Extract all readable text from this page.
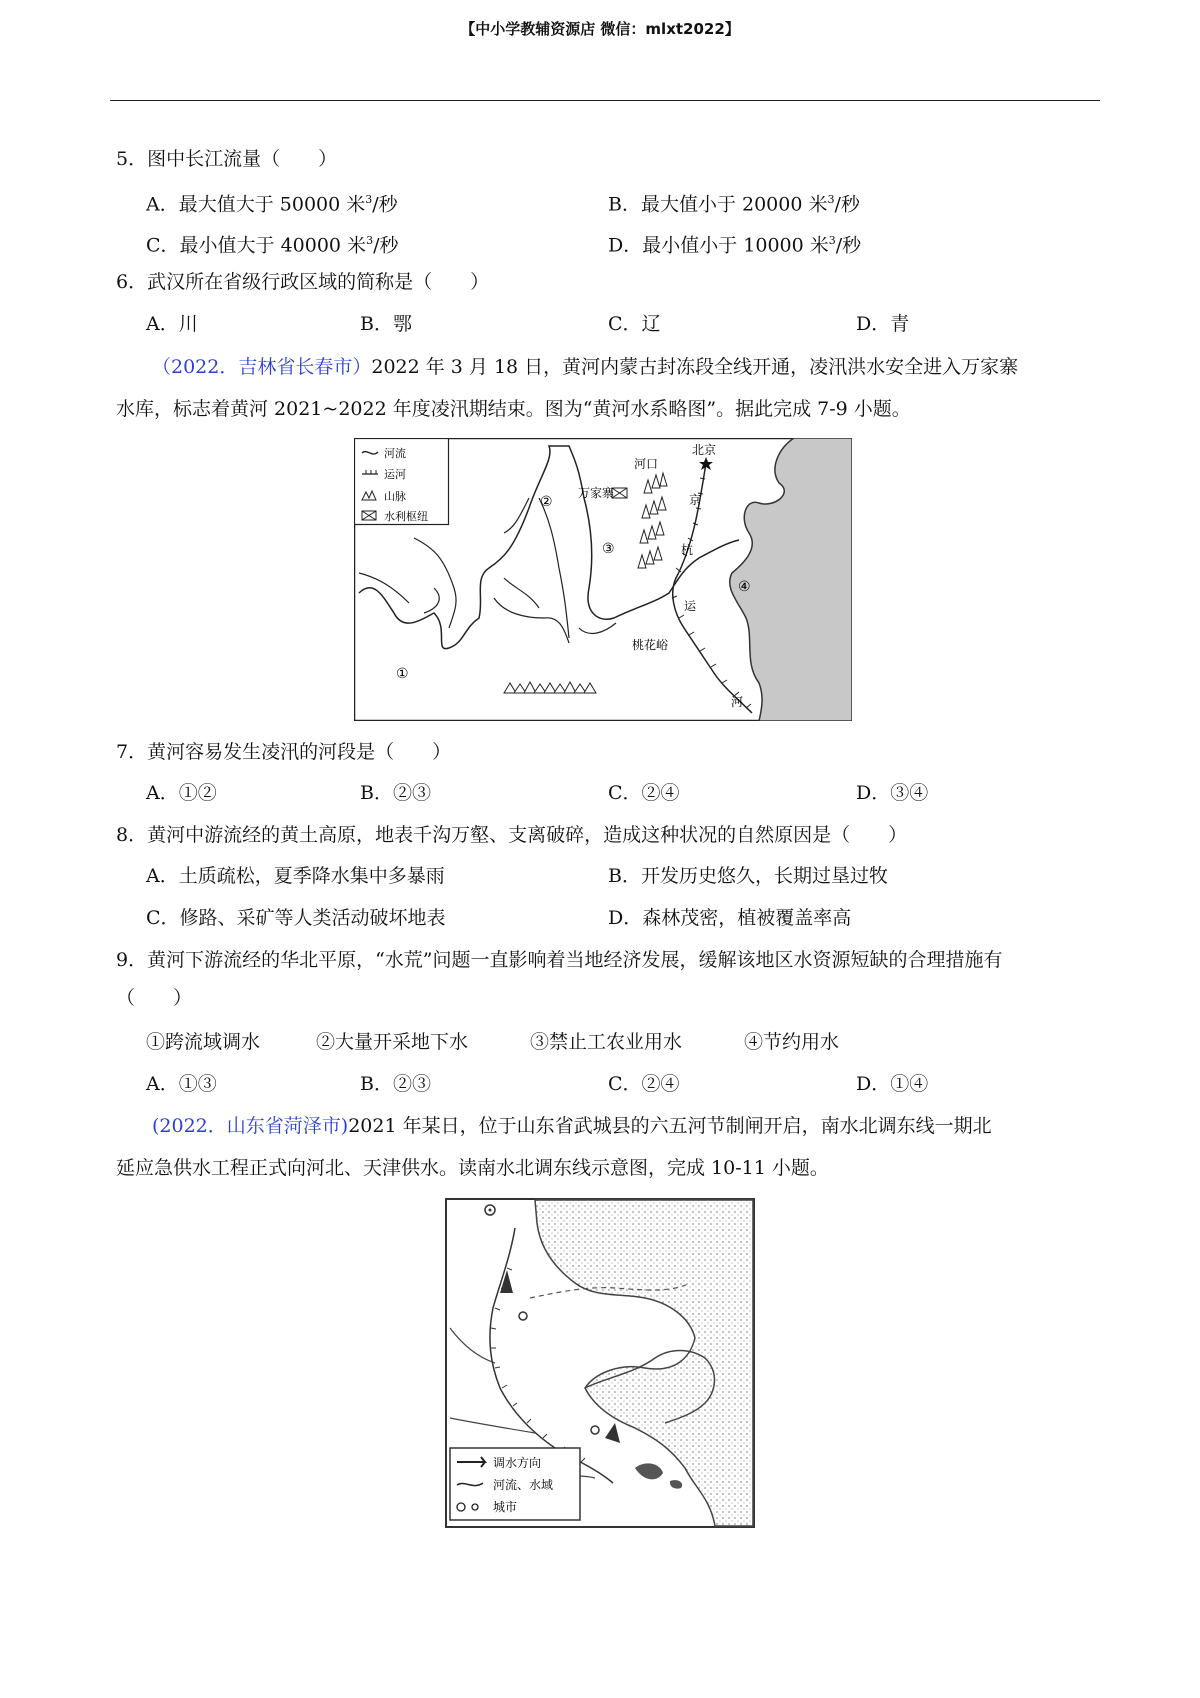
【中小学教辅资源店 微信：mlxt2022】
5．图中长江流量（　　）
A．最大值大于 50000 米$^3$/秒	B．最大值小于 20000 米$^3$/秒
C．最小值大于 40000 米$^3$/秒	D．最小值小于 10000 米$^3$/秒
6．武汉所在省级行政区域的简称是（　　）
A．川	B．鄂	C．辽	D．青
（2022．吉林省长春市）2022 年 3 月 18 日，黄河内蒙古封冻段全线开通，凌汛洪水安全进入万家寨
水库，标志着黄河 2021~2022 年度凌汛期结束。图为“黄河水系略图”。据此完成 7-9 小题。
河流
运河
山脉
水利枢纽
河口
北京
万家寨	京
杭
运
河
桃花峪
①
②
③
④
7．黄河容易发生凌汛的河段是（　　）
A．①②	B．②③	C．②④	D．③④
8．黄河中游流经的黄土高原，地表千沟万壑、支离破碎，造成这种状况的自然原因是（　　）
A．土质疏松，夏季降水集中多暴雨	B．开发历史悠久，长期过垦过牧
C．修路、采矿等人类活动破坏地表	D．森林茂密，植被覆盖率高
9．黄河下游流经的华北平原，“水荒”问题一直影响着当地经济发展，缓解该地区水资源短缺的合理措施有
（　　）
①跨流域调水	②大量开采地下水	③禁止工农业用水	④节约用水
A．①③	B．②③	C．②④	D．①④
(2022．山东省菏泽市)2021 年某日，位于山东省武城县的六五河节制闸开启，南水北调东线一期北
延应急供水工程正式向河北、天津供水。读南水北调东线示意图，完成 10-11 小题。
调水方向
河流、水域
城市
